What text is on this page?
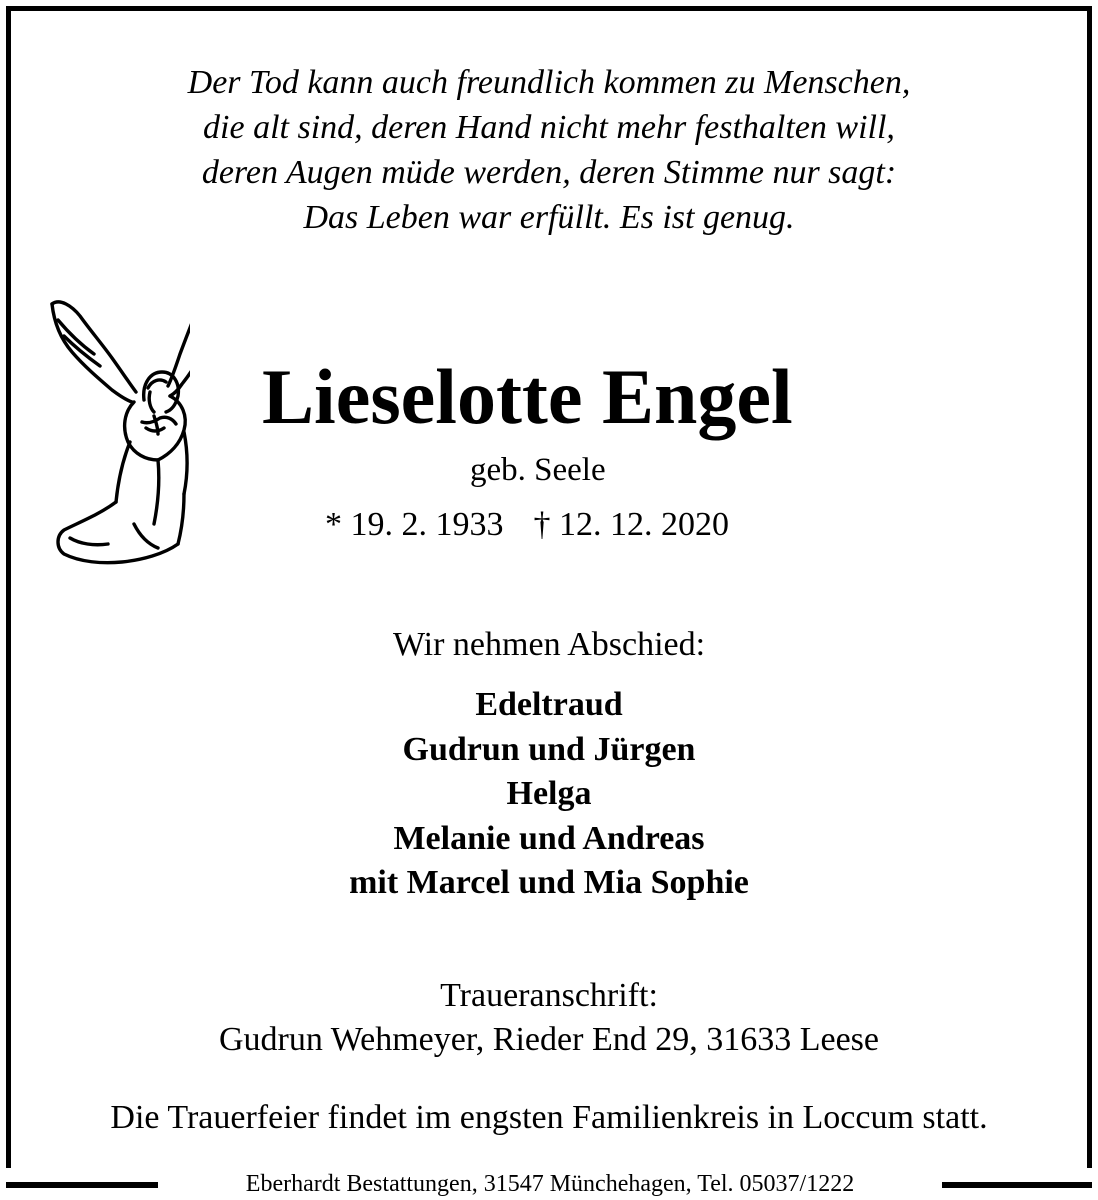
Der Tod kann auch freundlich kommen zu Menschen,
die alt sind, deren Hand nicht mehr festhalten will,
deren Augen müde werden, deren Stimme nur sagt:
Das Leben war erfüllt. Es ist genug.
Lieselotte Engel
geb. Seele
* 19. 2. 1933 † 12. 12. 2020
Wir nehmen Abschied:
Edeltraud
Gudrun und Jürgen
Helga
Melanie und Andreas
mit Marcel und Mia Sophie
Traueranschrift:
Gudrun Wehmeyer, Rieder End 29, 31633 Leese
Die Trauerfeier findet im engsten Familienkreis in Loccum statt.
Eberhardt Bestattungen, 31547 Münchehagen, Tel. 05037/1222
